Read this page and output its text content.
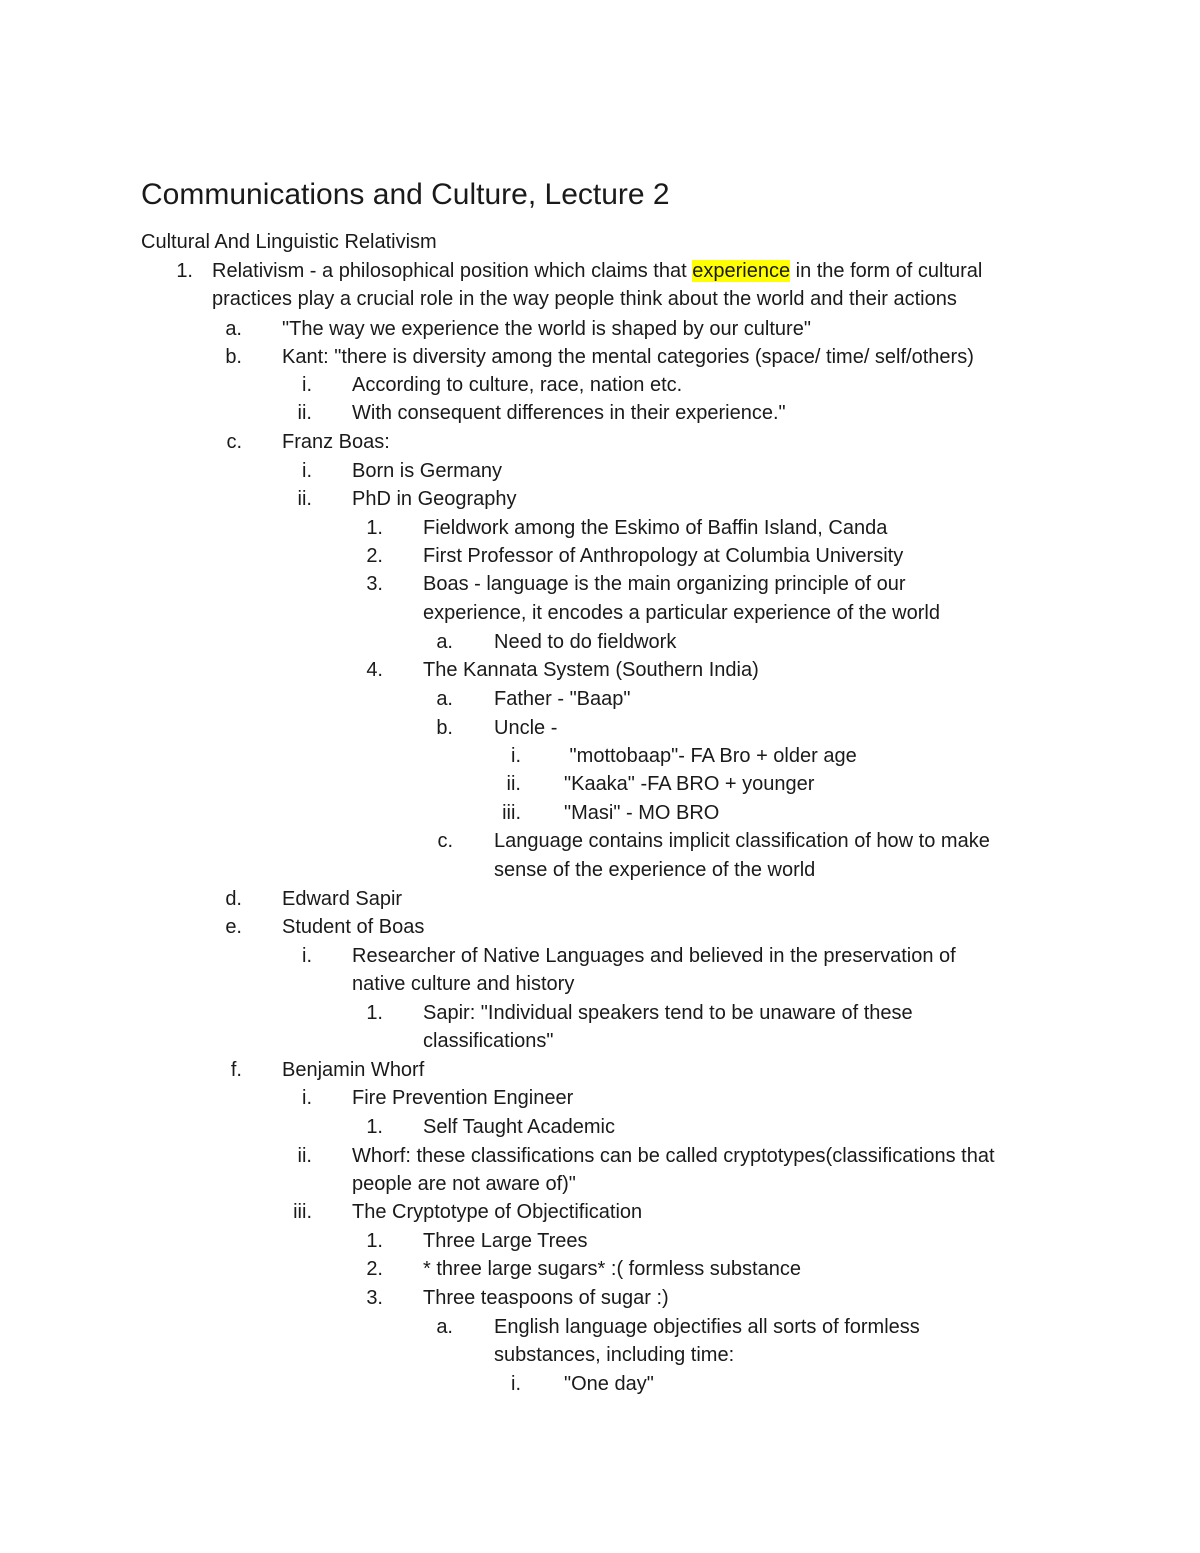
Communications and Culture, Lecture 2
Cultural And Linguistic Relativism
1. Relativism - a philosophical position which claims that experience in the form of cultural
practices play a crucial role in the way people think about the world and their actions
a. "The way we experience the world is shaped by our culture"
b. Kant: "there is diversity among the mental categories (space/ time/ self/others)
i. According to culture, race, nation etc.
ii. With consequent differences in their experience."
c. Franz Boas:
i. Born is Germany
ii. PhD in Geography
1. Fieldwork among the Eskimo of Baffin Island, Canda
2. First Professor of Anthropology at Columbia University
3. Boas - language is the main organizing principle of our
experience, it encodes a particular experience of the world
a. Need to do fieldwork
4. The Kannata System (Southern India)
a. Father - "Baap"
b. Uncle -
i. "mottobaap"- FA Bro + older age
ii. "Kaaka" -FA BRO + younger
iii. "Masi" - MO BRO
c. Language contains implicit classification of how to make
sense of the experience of the world
d. Edward Sapir
e. Student of Boas
i. Researcher of Native Languages and believed in the preservation of
native culture and history
1. Sapir: "Individual speakers tend to be unaware of these
classifications"
f. Benjamin Whorf
i. Fire Prevention Engineer
1. Self Taught Academic
ii. Whorf: these classifications can be called cryptotypes(classifications that
people are not aware of)"
iii. The Cryptotype of Objectification
1. Three Large Trees
2. * three large sugars* :( formless substance
3. Three teaspoons of sugar :)
a. English language objectifies all sorts of formless
substances, including time:
i. "One day"
